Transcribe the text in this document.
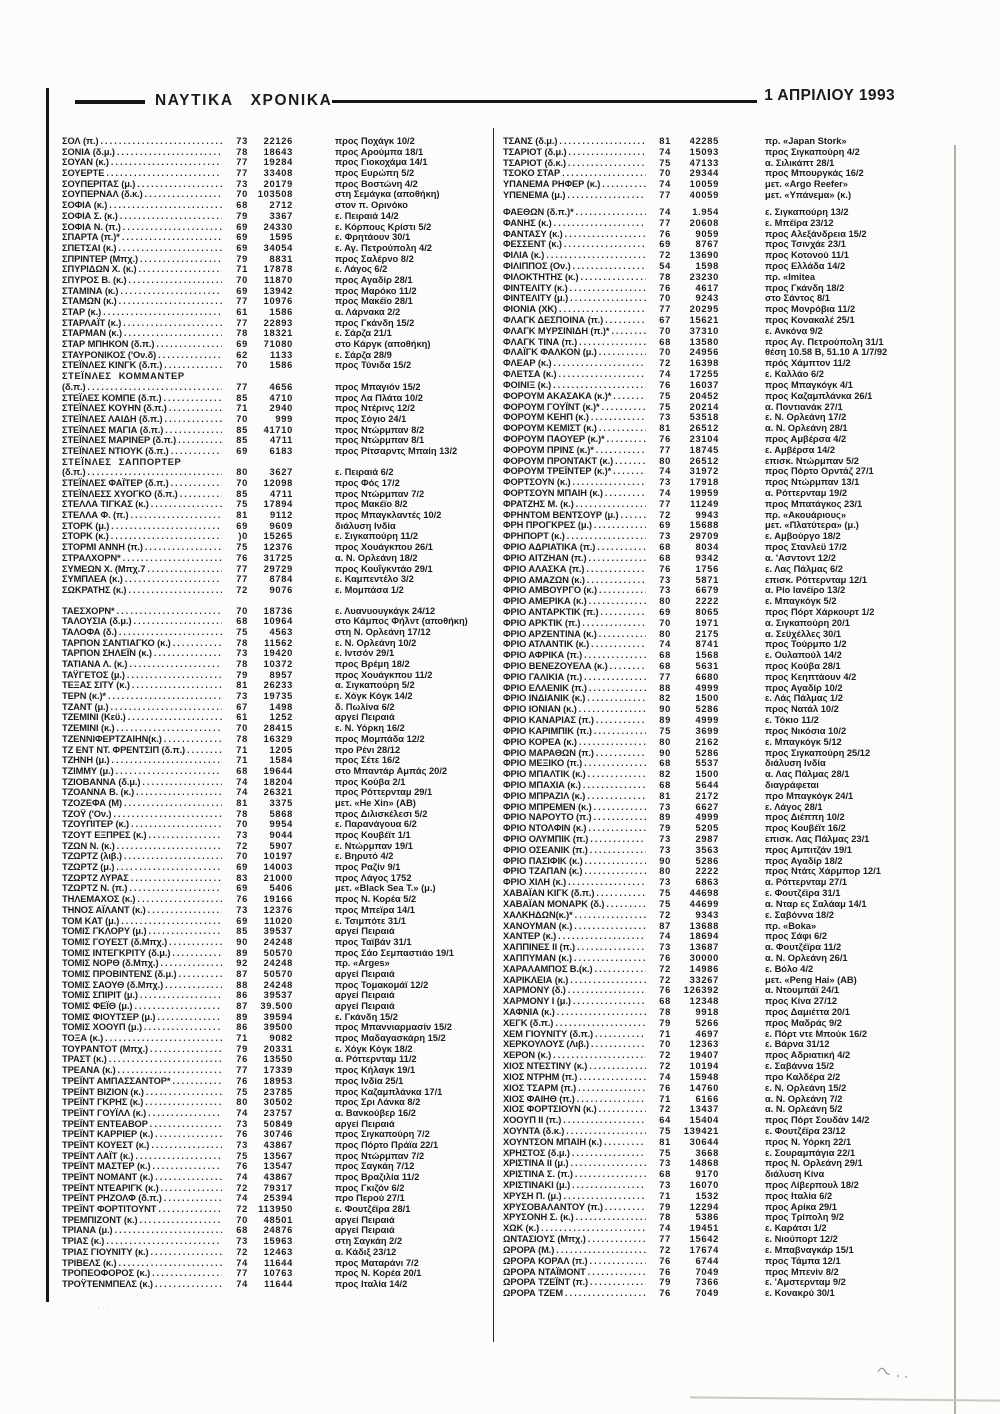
ΝΑΥΤΙΚΑ ΧΡΟΝΙΚΑ	1 ΑΠΡΙΛΙΟΥ 1993
ΣΟΛ (π.) .....	73	22126	προς Ποχάγκ 10/2
ΣΟΝΙΑ (δ.μ.) .....	78	18643	προς Αρούμπα 18/1
ΣΟΥΑΝ (κ.) .....	77	19284	προς Γιοκοχάμα 14/1
ΣΟΥΕΡΤΕ .....	77	33408	προς Ευρώπη 5/2
ΣΟΥΠΕΡΙΤΑΣ (μ.) .....	73	20179	προς Βοστώνη 4/2
ΣΟΥΠΕΡΝΑΛ (δ.κ.) .....	70	103508	στη Σεμάγκα (αποθήκη)
ΣΟΦΙΑ (κ.) .....	68	2712	στον π. Ορινόκο
ΣΟΦΙΑ Σ. (κ.) .....	79	3367	ε. Πειραιά 14/2
ΣΟΦΙΑ Ν. (π.) .....	69	24330	ε. Κόρπους Κρίστι 5/2
ΣΠΑΡΤΑ (π.)* .....	69	1595	ε. Φρητάουν 30/1
ΣΠΕΤΣΑΙ (κ.) .....	69	34054	ε. Αγ. Πετρούπολη 4/2
ΣΠΡΙΝΤΕΡ (Μπχ.) .....	79	8831	προς Σαλέρνο 8/2
ΣΠΥΡΙΔΩΝ Χ. (κ.) .....	71	17878	ε. Λάγος 6/2
ΣΠΥΡΟΣ Β. (κ.) .....	70	11870	προς Αγαδίρ 28/1
ΣΤΑΜΙΝΑ (κ.) .....	69	13942	προς Μαρόκο 11/2
ΣΤΑΜΩΝ (κ.) .....	77	10976	προς Μακέϊο 28/1
ΣΤΑΡ (κ.) .....	61	1586	α. Λάρνακα 2/2
ΣΤΑΡΛΑΪΤ (κ.) .....	77	22893	προς Γκάνδη 15/2
ΣΤΑΡΜΑΝ (κ.) .....	78	18321	ε. Σάρζα 21/1
ΣΤΑΡ ΜΠΗΚΟΝ (δ.π.) .....	69	71080	στο Κάργκ (αποθήκη)
ΣΤΑΥΡΟΝΙΚΟΣ ('Ον.δ) .....	62	1133	ε. Σάρζα 28/9
ΣΤΕΪΝΛΕΣ ΚΙΝΓΚ (δ.π.) .....	70	1586	προς Τύνιδα 15/2
ΣΤΕΪΝΛΕΣ ΚΟΜΜΑΝΤΕΡ
(δ.π.) .....	77	4656	προς Μπαγιόν 15/2
ΣΤΕΪΛΕΣ ΚΟΜΠΕ (δ.π.) .....	85	4710	προς Λα Πλάτα 10/2
ΣΤΕΪΝΛΕΣ ΚΟΥΗΝ (δ.π.) .....	71	2940	προς Ντέρινς 12/2
ΣΤΕΪΝΛΕΣ ΛΑΙΔΗ (δ.π.) .....	70	999	προς Σόγιο 24/1
ΣΤΕΪΝΛΕΣ ΜΑΓΙΑ (δ.π.) .....	85	41710	προς Ντώρμπαν 8/2
ΣΤΕΪΝΛΕΣ ΜΑΡΙΝΕΡ (δ.π.) .....	85	4711	προς Ντώρμπαν 8/1
ΣΤΕΪΝΛΕΣ ΝΤΙΟΥΚ (δ.π.) .....	69	6183	προς Ρίτσαρντς Μπαίη 13/2
ΣΤΕΪΝΛΕΣ ΣΑΠΠΟΡΤΕΡ
(δ.π.) .....	80	3627	ε. Πειραιά 6/2
ΣΤΕΪΝΛΕΣ ΦΑΪΤΕΡ (δ.π.) .....	70	12098	προς Φός 17/2
ΣΤΕΪΝΛΕΣΣ ΧΥΟΓΚΟ (δ.π.) .....	85	4711	προς Ντώρμπαν 7/2
ΣΤΕΛΛΑ ΤΙΓΚΑΣ (κ.) .....	75	17894	προς Μακέϊο 8/2
ΣΤΕΛΛΑ Φ. (π.) .....	81	9112	προς Μπαγκλαντές 10/2
ΣΤΟΡΚ (μ.) .....	69	9609	διάλυση Ινδία
ΣΤΟΡΚ (κ.) .....	)0	15265	ε. Σιγκαπούρη 11/2
ΣΤΟΡΜΙ ΑΝΝΗ (π.) .....	75	12376	προς Χουάγκπου 26/1
ΣΤΡΑΛΧΟΡΝ* .....	76	31725	α. Ν. Ορλεάνη 18/2
ΣΥΜΕΩΝ Χ. (Μπχ.7 .....	77	29729	προς Κουΐγκντάο 29/1
ΣΥΜΠΛΕΑ (κ.) .....	77	8784	ε. Καμπεντέλο 3/2
ΣΩΚΡΑΤΗΣ (κ.) .....	72	9076	ε. Μομπάσα 1/2
ΤΑΕΣΧΟΡΝ* .....	70	18736	ε. Λυανυουγκάγκ 24/12
ΤΑΛΟΥΣΙΑ (δ.μ.) .....	68	10964	στο Κάμπος Φήλντ (αποθήκη)
ΤΑΛΟΦΑ (δ.) .....	75	4563	στη Ν. Ορλεάνη 17/12
ΤΑΡΠΟΝ ΣΑΝΤΙΑΓΚΟ (κ.) .....	78	11562	ε. Ν. Ορλεάνη 10/2
ΤΑΡΠΟΝ ΣΗΛΕΪΝ (κ.) .....	73	19420	ε. Ιντσόν 29/1
ΤΑΤΙΑΝΑ Λ. (κ.) .....	78	10372	προς Βρέμη 18/2
ΤΑΫΓΕΤΟΣ (μ.) .....	79	8957	προς Χουάγκπου 11/2
ΤΕΞΑΣ ΣΙΤΥ (κ.) .....	81	26233	α. Σιγκαπούρη 5/2
ΤΕΡΝ (κ.)* .....	73	19735	ε. Χόγκ Κόγκ 14/2
ΤΖΑΝΤ (μ.) .....	67	1498	δ. Πωλίνα 6/2
ΤΖΕΜΙΝΙ (Κεϋ.) .....	61	1252	αργεί Πειραιά
ΤΖΕΜΙΝΙ (κ.) .....	70	28415	ε. Ν. Υόρκη 16/2
ΤΖΕΝΝΙΦΕΡΤΖΑΙΗΝ(κ.) .....	78	16329	προς Μομπάδα 12/2
ΤΖ ΕΝΤ ΝΤ. ΦΡΕΝΤΣΙΠ (δ.π.) .....	71	1205	προ Ρένι 28/12
ΤΖΗΝΗ (μ.) .....	71	1584	προς Σέτε 16/2
ΤΖΙΜΜΥ (μ.) .....	68	19644	στο Μπαντάρ Αμπάς 20/2
ΤΖΙΟΒΑΝΝΑ (δ.μ.) .....	74	18204	προς Κούβα 2/1
ΤΖΟΑΝΝΑ Β. (κ.) .....	74	26321	προς Ρόττερνταμ 29/1
ΤΖΟΖΕΦΑ (Μ) .....	81	3375	μετ. «He Xin» (ΑΒ)
ΤΖΟΫ ('Ον.) .....	78	5868	προς Διλισκέλεσι 5/2
ΤΖΟΥΠΙΤΕΡ (κ.) .....	70	9954	ε. Παρανάγουα 6/2
ΤΖΟΥΤ ΕΞΠΡΕΣ (κ.) .....	73	9044	προς Κουβέϊτ 1/1
ΤΖΩΝ Ν. (κ.) .....	72	5907	ε. Ντώρμπαν 19/1
ΤΖΩΡΤΖ (λιβ.) .....	70	10197	ε. Βηρυτό 4/2
ΤΖΩΡΤΖ (μ.) .....	69	14003	προς Ραζίν 9/1
ΤΖΩΡΤΖ ΛΥΡΑΣ .....	83	21000	προς Λάγος 1752
ΤΖΩΡΤΖ Ν. (π.) .....	69	5406	μετ. «Black Sea T.» (μ.)
ΤΗΛΕΜΑΧΟΣ (κ.) .....	76	19166	προς Ν. Κορέα 5/2
ΤΗΝΟΣ ΑΪΛΑΝΤ (κ.) .....	73	12376	προς Μπεϊρα 14/1
ΤΟΜ ΚΑΤ (μ.) .....	69	11020	ε. Τσιμπότε 31/1
ΤΟΜΙΣ ΓΚΛΟΡΥ (μ.) .....	85	39537	αργεί Πειραιά
ΤΟΜΙΣ ΓΟΥΕΣΤ (δ.Μπχ.) .....	90	24248	προς Ταϊβάν 31/1
ΤΟΜΙΣ ΙΝΤΕΓΚΡΙΤΥ (δ.μ.) .....	89	50570	προς Σάο Σεμπαστιάο 19/1
ΤΟΜΙΣ ΝΟΡΘ (δ.Μπχ.) .....	92	24248	πρ. «Arges»
ΤΟΜΙΣ ΠΡΟΒΙΝΤΕΝΣ (δ.μ.) .....	87	50570	αργεί Πειραιά
ΤΟΜΙΣ ΣΑΟΥΘ (δ.Μπχ.) .....	88	24248	προς Τομακομάϊ 12/2
ΤΟΜΙΣ ΣΠΙΡΙΤ (μ.) .....	86	39537	αργεί Πειραιά
ΤΟΜΙΣ ΦΕΪΘ (μ.) .....	87	39.500	αργεί Πειραιά
ΤΟΜΙΣ ΦΙΟΥΤΣΕΡ (μ.) .....	89	39594	ε. Γκάνδη 15/2
ΤΟΜΙΣ ΧΟΟΥΠ (μ.) .....	86	39500	προς Μπαννιαρμασίν 15/2
ΤΟΞΑ (κ.) .....	71	9082	προς Μαδαγασκάρη 15/2
ΤΟΥΡΑΝΤΟΤ (Μπχ.) .....	79	20331	ε. Χόγκ Κόγκ 18/2
ΤΡΑΣΤ (κ.) .....	76	13550	α. Ρόττερνταμ 11/2
ΤΡΕΑΝΑ (κ.) .....	77	17339	προς Κήλαγκ 19/1
ΤΡΕΪΝΤ ΑΜΠΑΣΣΑΝΤΟΡ* .....	76	18953	προς Ινδία 25/1
ΤΡΕΪΝΤ ΒΙΖΙΟΝ (κ.) .....	75	23785	προς Καζαμπλάνκα 17/1
ΤΡΕΪΝΤ ΓΚΡΗΣ (κ.) .....	80	30502	προς Σρι Λάνκα 8/2
ΤΡΕΪΝΤ ΓΟΥΪΛΛ (κ.) .....	74	23757	α. Βανκούβερ 16/2
ΤΡΕΪΝΤ ΕΝΤΕΑΒΟΡ .....	73	50849	αργεί Πειραιά
ΤΡΕΪΝΤ ΚΑΡΡΙΕΡ (κ.) .....	76	30746	προς Σιγκαπούρη 7/2
ΤΡΕΪΝΤ ΚΟΥΕΣΤ (κ.) .....	73	43867	προς Πόρτο Πράϊα 22/1
ΤΡΕΪΝΤ ΛΑΪΤ (κ.) .....	75	13567	προς Ντώρμπαν 7/2
ΤΡΕΪΝΤ ΜΑΣΤΕΡ (κ.) .....	76	13547	προς Σαγκάη 7/12
ΤΡΕΪΝΤ ΝΟΜΑΝΤ (κ.) .....	74	43867	προς Βραζιλία 11/2
ΤΡΕΪΝΤ ΝΤΕΑΡΙΓΚ (κ.) .....	72	79317	προς Γκιζόν 6/2
ΤΡΕΪΝΤ ΡΗΖΟΛΦ (δ.π.) .....	74	25394	προ Περού 27/1
ΤΡΕΪΝΤ ΦΟΡΤΙΤΟΥΝΤ .....	72	113950	ε. Φουτζέϊρα 28/1
ΤΡΕΜΠΙΖΟΝΤ (κ.) .....	70	48501	αργεί Πειραιά
ΤΡΙΑΝΑ (μ.) .....	68	24876	αργεί Πειραιά
ΤΡΙΑΣ (κ.) .....	73	15963	στη Σαγκάη 2/2
ΤΡΙΑΣ ΓΙΟΥΝΙΤΥ (κ.) .....	72	12463	α. Κάδιξ 23/12
ΤΡΙΒΕΛΣ (κ.) .....	74	11644	προς Ματαράνι 7/2
ΤΡΟΠΕΟΦΟΡΟΣ (κ.) .....	77	10763	προς Ν. Κορέα 20/1
ΤΡΟΫΤΕΝΜΠΕΛΣ (κ.) .....	74	11644	προς Ιταλία 14/2
ΤΣΑΝΣ (δ.μ.) .....	81	42285	πρ. «Japan Stork»
ΤΣΑΡΙΟΤ (δ.μ.) .....	74	15093	προς Σιγκαπούρη 4/2
ΤΣΑΡΙΟΤ (δ.κ.) .....	75	47133	α. Σιλικάπτ 28/1
ΤΣΟΚΟ ΣΤΑΡ .....	70	29344	προς Μπουργκάς 16/2
ΥΠΑΝΕΜΑ ΡΗΦΕΡ (κ.) .....	74	10059	μετ. «Argo Reefer»
ΥΠΕΝΕΜΑ (μ.) .....	77	40059	μετ. «Υπάνεμα» (κ.)
ΦΑΕΘΩΝ (δ.π.)* .....	74	1.954	ε. Σιγκαπούρη 13/2
ΦΑΝΗΣ (κ.) .....	77	20608	ε. Μπέϊρα 23/12
ΦΑΝΤΑΣΥ (κ.) .....	76	9059	προς Αλεξάνδρεια 15/2
ΦΕΣΣΕΝΤ (κ.) .....	69	8767	προς Τσινχάε 23/1
ΦΙΛΙΑ (κ.) .....	72	13690	προς Κοτονού 11/1
ΦΙΛΙΠΠΟΣ (Ον.) .....	54	1598	προς Ελλάδα 14/2
ΦΙΛΟΚΤΗΤΗΣ (κ.) .....	78	23230	πρ. «Imitea
ΦΙΝΤΕΛΙΤΥ (κ.) .....	76	4617	προς Γκάνδη 18/2
ΦΙΝΤΕΛΙΤΥ (μ.) .....	70	9243	στο Σάντος 8/1
ΦΙΟΝΙΑ (ΧΚ) .....	77	20295	προς Μονρόβια 11/2
ΦΛΑΓΚ ΔΕΣΠΟΙΝΑ (π.) .....	67	15621	προς Κονακαλέ 25/1
ΦΛΑΓΚ ΜΥΡΣΙΝΙΔΗ (π.)* .....	70	37310	ε. Ανκόνα 9/2
ΦΛΑΓΚ ΤΙΝΑ (π.) .....	68	13580	προς Αγ. Πετρούπολη 31/1
ΦΛΑΪΓΚ ΦΑΛΚΟΝ (μ.) .....	70	24956	θέση 10.58 Β, 51.10 Α 1/7/92
ΦΛΕΑΡ (κ.) .....	72	16398	πρός Χάμπτον 11/2
ΦΛΕΤΣΑ (κ.) .....	74	17255	ε. Καλλάο 6/2
ΦΟΙΝΙΞ (κ.) .....	76	16037	προς Μπαγκόγκ 4/1
ΦΟΡΟΥΜ ΑΚΑΣΑΚΑ (κ.)* .....	75	20452	προς Καζαμπλάνκα 26/1
ΦΟΡΟΥΜ ΓΟΥΪΝΤ (κ.)* .....	75	20214	α. Ποντιανάκ 27/1
ΦΟΡΟΥΜ ΚΕΗΠ (κ.) .....	73	53518	ε. Ν. Ορλεάνη 17/2
ΦΟΡΟΥΜ ΚΕΜΙΣΤ (κ.) .....	81	26512	α. Ν. Ορλεάνη 28/1
ΦΟΡΟΥΜ ΠΑΟΥΕΡ (κ.)* .....	76	23104	προς Αμβέρσα 4/2
ΦΟΡΟΥΜ ΠΡΙΝΣ (κ.)* .....	77	18745	ε. Αμβέρσα 14/2
ΦΟΡΟΥΜ ΠΡΟΝΤΑΚΤ (κ.) .....	80	26512	επισκ. Ντώρμπαν 5/2
ΦΟΡΟΥΜ ΤΡΕΪΝΤΕΡ (κ.)* .....	74	31972	προς Πόρτο Ορντάζ 27/1
ΦΟΡΤΣΟΥΝ (κ.) .....	73	17918	προς Ντώρμπαν 13/1
ΦΟΡΤΣΟΥΝ ΜΠΑΙΗ (κ.) .....	74	19959	α. Ρόττερνταμ 19/2
ΦΡΑΤΖΗΣ Μ. (κ.) .....	77	11249	προς Μπατάγκος 23/1
ΦΡΗΝΤΟΜ ΒΕΝΤΣΟΥΡ (μ.) .....	72	9943	πρ. «Ακουάριους»
ΦΡΗ ΠΡΟΓΚΡΕΣ (μ.) .....	69	15688	μετ. «Πλατύτερα» (μ.)
ΦΡΗΠΟΡΤ (κ.) .....	73	29709	ε. Αμβούργο 18/2
ΦΡΙΟ ΑΔΡΙΑΤΙΚΑ (π.) .....	68	8034	προς Στανλεϋ 17/2
ΦΡΙΟ ΑΙΤΖΗΑΝ (π.) .....	68	9342	α. 'Ασντοντ 12/2
ΦΡΙΟ ΑΛΑΣΚΑ (π.) .....	76	1756	ε. Λας Πάλμας 6/2
ΦΡΙΟ ΑΜΑΖΩΝ (κ.) .....	73	5871	επισκ. Ρόττερνταμ 12/1
ΦΡΙΟ ΑΜΒΟΥΡΓΟ (κ.) .....	73	6679	α. Ρίο Ιανέϊρο 13/2
ΦΡΙΟ ΑΜΕΡΙΚΑ (κ.) .....	80	2222	ε. Μπαγκόγκ 5/2
ΦΡΙΟ ΑΝΤΑΡΚΤΙΚ (π.) .....	69	8065	προς Πόρτ Χάρκουρτ 1/2
ΦΡΙΟ ΑΡΚΤΙΚ (π.) .....	70	1971	α. Σιγκαπούρη 20/1
ΦΡΙΟ ΑΡΖΕΝΤΙΝΑ (κ.) .....	80	2175	α. Σεϋχέλλες 30/1
ΦΡΙΟ ΑΤΛΑΝΤΙΚ (κ.) .....	74	8741	προς Τούρμπο 1/2
ΦΡΙΟ ΑΦΡΙΚΑ (π.) .....	68	1568	ε. Ουλαπούλ 14/2
ΦΡΙΟ ΒΕΝΕΖΟΥΕΛΑ (κ.) .....	68	5631	προς Κούβα 28/1
ΦΡΙΟ ΓΑΛΙΚΙΑ (π.) .....	77	6680	προς Κεηπτάουν 4/2
ΦΡΙΟ ΕΛΛΕΝΙΚ (π.) .....	88	4999	προς Αγαδίρ 10/2
ΦΡΙΟ ΙΝΔΙΑΝΙΚ (κ.) .....	82	1500	ε. Λάς Πάλμας 1/2
ΦΡΙΟ ΙΟΝΙΑΝ (κ.) .....	90	5286	προς Νατάλ 10/2
ΦΡΙΟ ΚΑΝΑΡΙΑΣ (π.) .....	89	4999	ε. Τόκιο 11/2
ΦΡΙΟ ΚΑΡΙΜΠΙΚ (π.) .....	75	3699	προς Νικόσια 10/2
ΦΡΙΟ ΚΟΡΕΑ (κ.) .....	80	2162	ε. Μπαγκόγκ 5/12
ΦΡΙΟ ΜΑΡΑΘΩΝ (π.) .....	90	5286	προς Σιγκαπούρη 25/12
ΦΡΙΟ ΜΕΞΙΚΟ (π.) .....	68	5537	διάλυση Ινδία
ΦΡΙΟ ΜΠΑΛΤΙΚ (κ.) .....	82	1500	α. Λας Πάλμας 28/1
ΦΡΙΟ ΜΠΑΧΙΑ (κ.) .....	68	5644	διαγράφεται
ΦΡΙΟ ΜΠΡΑΖΙΛ (κ.) .....	81	2172	προ Μπαγκόγκ 24/1
ΦΡΙΟ ΜΠΡΕΜΕΝ (κ.) .....	73	6627	ε. Λάγος 28/1
ΦΡΙΟ ΝΑΡΟΥΤΟ (π.) .....	89	4999	προς Διέππη 10/2
ΦΡΙΟ ΝΤΟΛΦΙΝ (κ.) .....	79	5205	προς Κουβέϊτ 16/2
ΦΡΙΟ ΟΛΥΜΠΙΚ (π.) .....	73	2987	επισκ. Λας Πάλμας 23/1
ΦΡΙΟ ΟΣΕΑΝΙΚ (π.) .....	73	3563	προς Αμπιτζάν 19/1
ΦΡΙΟ ΠΑΣΙΦΙΚ (κ.) .....	90	5286	προς Αγαδίρ 18/2
ΦΡΙΟ ΤΖΑΠΑΝ (κ.) .....	80	2222	προς Ντάτς Χάρμπορ 12/1
ΦΡΙΟ ΧΙΛΗ (κ.) .....	73	6863	α. Ρόττερνταμ 27/1
ΧΑΒΑΪΑΝ ΚΙΓΚ (δ.π.) .....	75	44698	ε. Φουτζέϊρα 31/1
ΧΑΒΑΪΑΝ ΜΟΝΑΡΚ (δ.) .....	75	44699	α. Νταρ ες Σαλάαμ 14/1
ΧΑΛΚΗΔΩΝ(κ.)* .....	72	9343	ε. Σαβόννα 18/2
ΧΑΝΟΥΜΑΝ (κ.) .....	87	13688	πρ. «Boka»
ΧΑΝΤΕΡ (κ.) .....	74	18694	προς Σάφι 6/2
ΧΑΠΠΙΝΕΣ ΙΙ (π.) .....	73	13687	α. Φουτζέϊρα 11/2
ΧΑΠΠΥΜΑΝ (κ.) .....	76	30000	α. Ν. Ορλεάνη 26/1
ΧΑΡΑΛΑΜΠΟΣ Β.(κ.) .....	72	14986	ε. Βόλο 4/2
ΧΑΡΙΚΛΕΙΑ (κ.) .....	72	33267	μετ. «Peng Hai» (ΑΒ)
ΧΑΡΜΟΝΥ (δ.) .....	76	126392	α. Ντουμπάϊ 24/1
ΧΑΡΜΟΝΥ Ι (μ.) .....	68	12348	προς Κίνα 27/12
ΧΑΦΝΙΑ (κ.) .....	78	9918	προς Δαμιέττα 20/1
ΧΕΓΚ (δ.π.) .....	79	5266	προς Μαδράς 9/2
ΧΕΜ ΓΙΟΥΝΙΤΥ (δ.π.) .....	71	4697	ε. Πόρτ ντε Μπούκ 16/2
ΧΕΡΚΟΥΛΟΥΣ (Λιβ.) .....	70	12363	ε. Βάρνα 31/12
ΧΕΡΟΝ (κ.) .....	72	19407	προς Αδριατική 4/2
ΧΙΟΣ ΝΤΕΣΤΙΝΥ (κ.) .....	72	10194	ε. Σαβάννα 15/2
ΧΙΟΣ ΝΤΡΗΜ (π.) .....	74	15948	προ Καλδέρα 2/2
ΧΙΟΣ ΤΣΑΡΜ (π.) .....	76	14760	ε. Ν. Ορλεάνη 15/2
ΧΙΟΣ ΦΑΙΗΘ (π.) .....	71	6166	α. Ν. Ορλεάνη 7/2
ΧΙΟΣ ΦΟΡΤΣΙΟΥΝ (κ.) .....	72	13437	α. Ν. Ορλεάνη 5/2
ΧΟΟΥΠ ΙΙ (π.) .....	64	15404	προς Πόρτ Σουδάν 14/2
ΧΟΥΝΤΑ (δ.κ.) .....	75	139421	ε. Φουτζέϊρα 23/12
ΧΟΥΝΤΣΟΝ ΜΠΑΙΗ (κ.) .....	81	30644	προς Ν. Υόρκη 22/1
ΧΡΗΣΤΟΣ (δ.μ.) .....	75	3668	ε. Σουραμπάγια 22/1
ΧΡΙΣΤΙΝΑ ΙΙ (μ.) .....	73	14868	προς Ν. Ορλεάνη 29/1
ΧΡΙΣΤΙΝΑ Σ. (π.) .....	68	9170	διάλυση Κίνα
ΧΡΙΣΤΙΝΑΚΙ (μ.) .....	73	16070	προς Λίβερπουλ 18/2
ΧΡΥΣΗ Π. (μ.) .....	71	1532	προς Ιταλία 6/2
ΧΡΥΣΟΒΑΛΑΝΤΟΥ (π.) .....	79	12294	προς Αρίκα 29/1
ΧΡΥΣΟΝΗ Σ. (κ.) .....	78	5386	προς Τρίπολη 9/2
ΧΩΚ (κ.) .....	74	19451	ε. Καράτσι 1/2
ΩΝΤΑΣΙΟΥΣ (Μπχ.) .....	77	15642	ε. Νιούπορτ 12/2
ΩΡΟΡΑ (Μ.) .....	72	17674	ε. Μπαβναγκάρ 15/1
ΩΡΟΡΑ ΚΟΡΑΛ (π.) .....	76	6744	προς Τάμπα 12/1
ΩΡΟΡΑ ΝΤΑΪΜΟΝΤ .....	76	7049	προς Μπενίν 8/2
ΩΡΟΡΑ ΤΖΕΪΝΤ (π.) .....	79	7366	ε. 'Αμστερνταμ 9/2
ΩΡΟΡΑ ΤΖΕΜ .....	76	7049	ε. Κονακρύ 30/1
.....
